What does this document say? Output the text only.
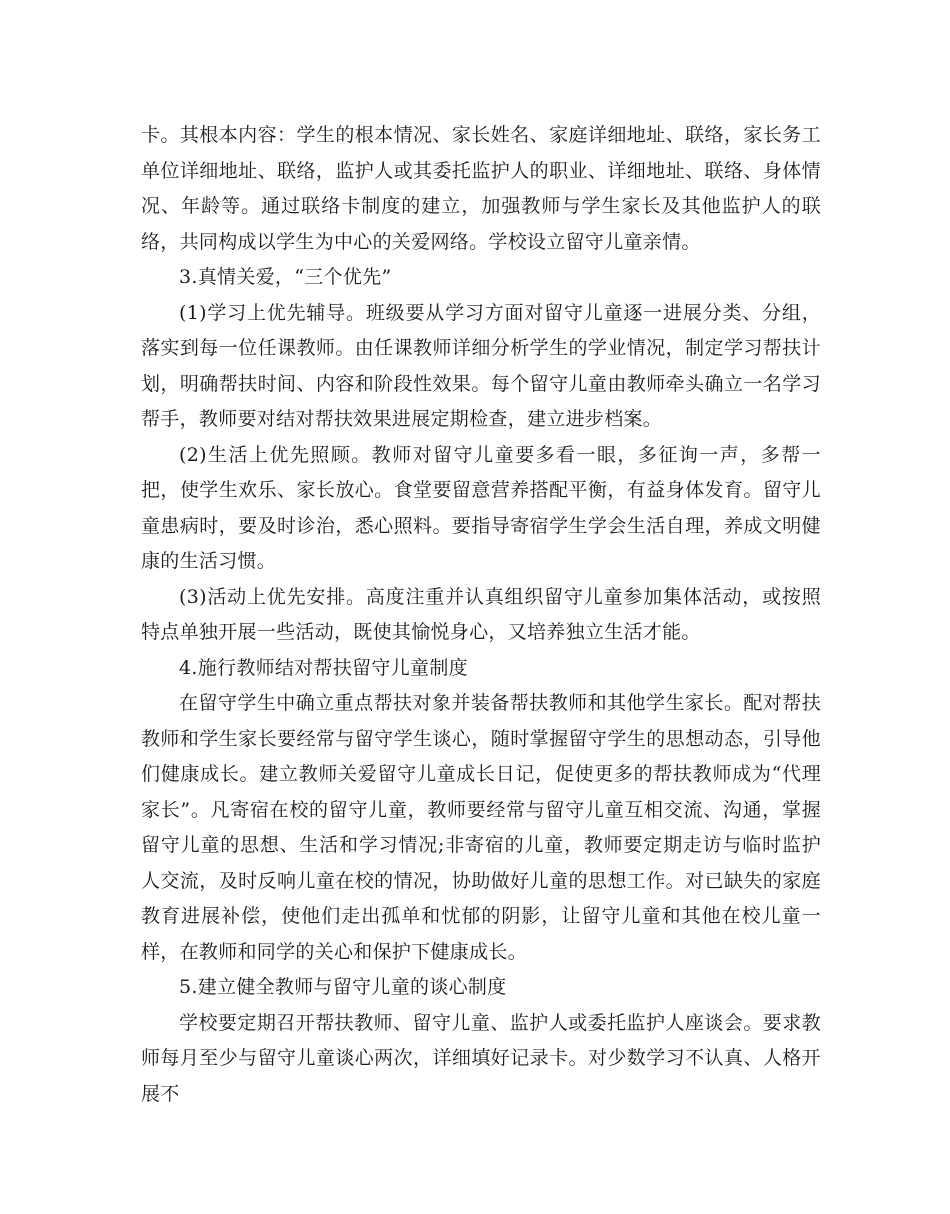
卡。其根本内容：学生的根本情况、家长姓名、家庭详细地址、联络，家长务工单位详细地址、联络，监护人或其委托监护人的职业、详细地址、联络、身体情况、年龄等。通过联络卡制度的建立，加强教师与学生家长及其他监护人的联络，共同构成以学生为中心的关爱网络。学校设立留守儿童亲情。

3.真情关爱，“三个优先”

(1)学习上优先辅导。班级要从学习方面对留守儿童逐一进展分类、分组，落实到每一位任课教师。由任课教师详细分析学生的学业情况，制定学习帮扶计划，明确帮扶时间、内容和阶段性效果。每个留守儿童由教师牵头确立一名学习帮手，教师要对结对帮扶效果进展定期检查，建立进步档案。

(2)生活上优先照顾。教师对留守儿童要多看一眼，多征询一声，多帮一把，使学生欢乐、家长放心。食堂要留意营养搭配平衡，有益身体发育。留守儿童患病时，要及时诊治，悉心照料。要指导寄宿学生学会生活自理，养成文明健康的生活习惯。

(3)活动上优先安排。高度注重并认真组织留守儿童参加集体活动，或按照特点单独开展一些活动，既使其愉悦身心，又培养独立生活才能。

4.施行教师结对帮扶留守儿童制度

在留守学生中确立重点帮扶对象并装备帮扶教师和其他学生家长。配对帮扶教师和学生家长要经常与留守学生谈心，随时掌握留守学生的思想动态，引导他们健康成长。建立教师关爱留守儿童成长日记，促使更多的帮扶教师成为“代理家长”。凡寄宿在校的留守儿童，教师要经常与留守儿童互相交流、沟通，掌握留守儿童的思想、生活和学习情况;非寄宿的儿童，教师要定期走访与临时监护人交流，及时反响儿童在校的情况，协助做好儿童的思想工作。对已缺失的家庭教育进展补偿，使他们走出孤单和忧郁的阴影，让留守儿童和其他在校儿童一样，在教师和同学的关心和保护下健康成长。

5.建立健全教师与留守儿童的谈心制度

学校要定期召开帮扶教师、留守儿童、监护人或委托监护人座谈会。要求教师每月至少与留守儿童谈心两次，详细填好记录卡。对少数学习不认真、人格开展不
